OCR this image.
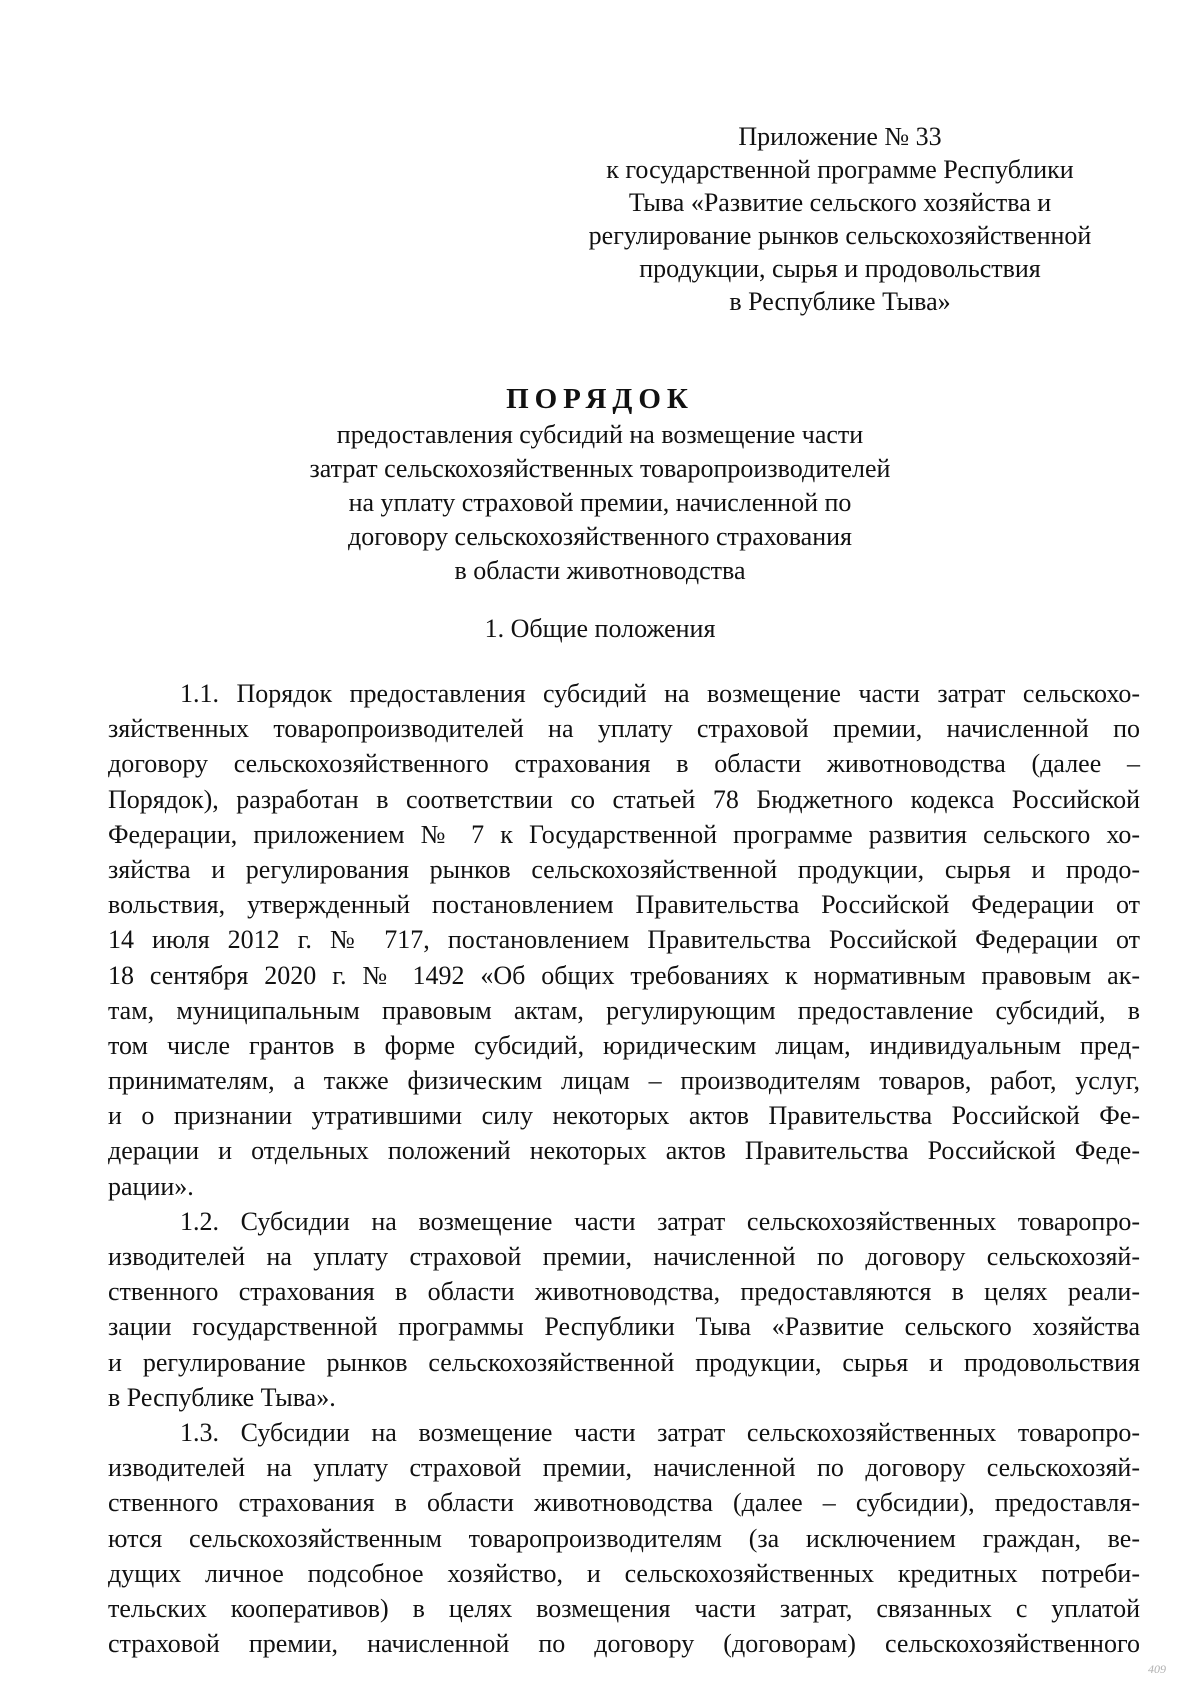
Приложение № 33
к государственной программе Республики
Тыва «Развитие сельского хозяйства и
регулирование рынков сельскохозяйственной
продукции, сырья и продовольствия
в Республике Тыва»
ПОРЯДОК
предоставления субсидий на возмещение части
затрат сельскохозяйственных товаропроизводителей
на уплату страховой премии, начисленной по
договору сельскохозяйственного страхования
в области животноводства
1. Общие положения
1.1. Порядок предоставления субсидий на возмещение части затрат сельскохо-
зяйственных товаропроизводителей на уплату страховой премии, начисленной по
договору сельскохозяйственного страхования в области животноводства (далее –
Порядок), разработан в соответствии со статьей 78 Бюджетного кодекса Российской
Федерации, приложением № 7 к Государственной программе развития сельского хо-
зяйства и регулирования рынков сельскохозяйственной продукции, сырья и продо-
вольствия, утвержденный постановлением Правительства Российской Федерации от
14 июля 2012 г. № 717, постановлением Правительства Российской Федерации от
18 сентября 2020 г. № 1492 «Об общих требованиях к нормативным правовым ак-
там, муниципальным правовым актам, регулирующим предоставление субсидий, в
том числе грантов в форме субсидий, юридическим лицам, индивидуальным пред-
принимателям, а также физическим лицам – производителям товаров, работ, услуг,
и о признании утратившими силу некоторых актов Правительства Российской Фе-
дерации и отдельных положений некоторых актов Правительства Российской Феде-
рации».
1.2. Субсидии на возмещение части затрат сельскохозяйственных товаропро-
изводителей на уплату страховой премии, начисленной по договору сельскохозяй-
ственного страхования в области животноводства, предоставляются в целях реали-
зации государственной программы Республики Тыва «Развитие сельского хозяйства
и регулирование рынков сельскохозяйственной продукции, сырья и продовольствия
в Республике Тыва».
1.3. Субсидии на возмещение части затрат сельскохозяйственных товаропро-
изводителей на уплату страховой премии, начисленной по договору сельскохозяй-
ственного страхования в области животноводства (далее – субсидии), предоставля-
ются сельскохозяйственным товаропроизводителям (за исключением граждан, ве-
дущих личное подсобное хозяйство, и сельскохозяйственных кредитных потреби-
тельских кооперативов) в целях возмещения части затрат, связанных с уплатой
страховой премии, начисленной по договору (договорам) сельскохозяйственного
409
